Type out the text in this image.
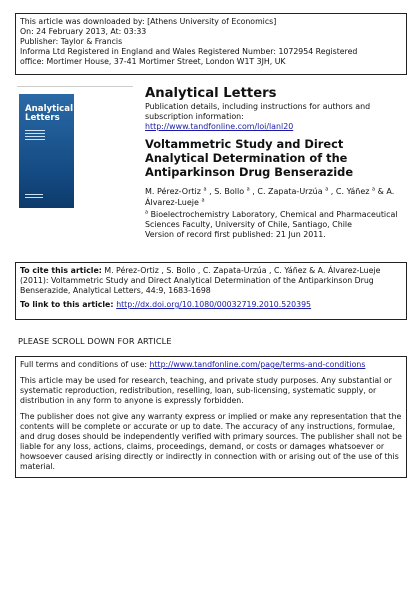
This article was downloaded by: [Athens University of Economics]
On: 24 February 2013, At: 03:33
Publisher: Taylor & Francis
Informa Ltd Registered in England and Wales Registered Number: 1072954 Registered
office: Mortimer House, 37-41 Mortimer Street, London W1T 3JH, UK
Analytical
Letters
Analytical Letters
Publication details, including instructions for authors and subscription information:
http://www.tandfonline.com/loi/lanl20
Voltammetric Study and Direct Analytical Determination of the Antiparkinson Drug Benserazide
M. Pérez-Ortiz $^a$ , S. Bollo $^a$ , C. Zapata-Urzúa $^a$ , C. Yáñez $^a$ & A. Álvarez-Lueje $^a$
$^a$ Bioelectrochemistry Laboratory, Chemical and Pharmaceutical Sciences Faculty, University of Chile, Santiago, Chile
Version of record first published: 21 Jun 2011.
To cite this article: M. Pérez-Ortiz , S. Bollo , C. Zapata-Urzúa , C. Yáñez & A. Álvarez-Lueje (2011): Voltammetric Study and Direct Analytical Determination of the Antiparkinson Drug Benserazide, Analytical Letters, 44:9, 1683-1698
To link to this article: http://dx.doi.org/10.1080/00032719.2010.520395
PLEASE SCROLL DOWN FOR ARTICLE

Full terms and conditions of use: http://www.tandfonline.com/page/terms-and-conditions

This article may be used for research, teaching, and private study purposes. Any substantial or systematic reproduction, redistribution, reselling, loan, sub-licensing, systematic supply, or distribution in any form to anyone is expressly forbidden.

The publisher does not give any warranty express or implied or make any representation that the contents will be complete or accurate or up to date. The accuracy of any instructions, formulae, and drug doses should be independently verified with primary sources. The publisher shall not be liable for any loss, actions, claims, proceedings, demand, or costs or damages whatsoever or howsoever caused arising directly or indirectly in connection with or arising out of the use of this material.
